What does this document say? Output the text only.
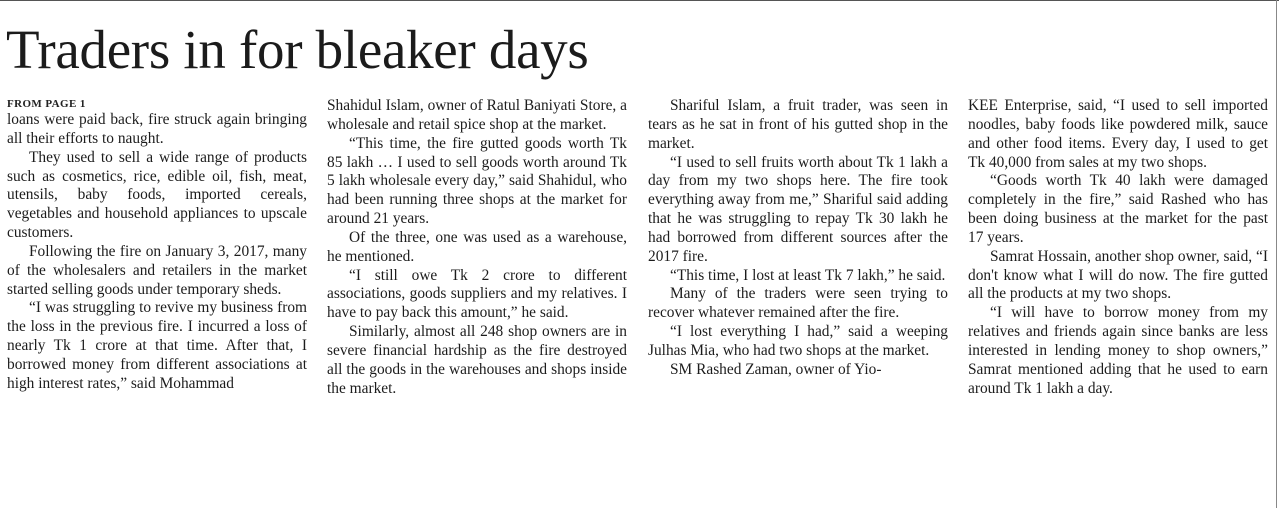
Traders in for bleaker days
FROM PAGE 1

loans were paid back, fire struck again bringing all their efforts to naught.

They used to sell a wide range of products such as cosmetics, rice, edible oil, fish, meat, utensils, baby foods, imported cereals, vegetables and household appliances to upscale customers.

Following the fire on January 3, 2017, many of the wholesalers and retailers in the market started selling goods under temporary sheds.

“I was struggling to revive my business from the loss in the previous fire. I incurred a loss of nearly Tk 1 crore at that time. After that, I borrowed money from different associations at high interest rates,” said Mohammad

Shahidul Islam, owner of Ratul Baniyati Store, a wholesale and retail spice shop at the market.

“This time, the fire gutted goods worth Tk 85 lakh … I used to sell goods worth around Tk 5 lakh wholesale every day,” said Shahidul, who had been running three shops at the market for around 21 years.

Of the three, one was used as a warehouse, he mentioned.

“I still owe Tk 2 crore to different associations, goods suppliers and my relatives. I have to pay back this amount,” he said.

Similarly, almost all 248 shop owners are in severe financial hardship as the fire destroyed all the goods in the warehouses and shops inside the market.

Shariful Islam, a fruit trader, was seen in tears as he sat in front of his gutted shop in the market.

“I used to sell fruits worth about Tk 1 lakh a day from my two shops here. The fire took everything away from me,” Shariful said adding that he was struggling to repay Tk 30 lakh he had borrowed from different sources after the 2017 fire.

“This time, I lost at least Tk 7 lakh,” he said.

Many of the traders were seen trying to recover whatever remained after the fire.

“I lost everything I had,” said a weeping Julhas Mia, who had two shops at the market.

SM Rashed Zaman, owner of Yio-

KEE Enterprise, said, “I used to sell imported noodles, baby foods like powdered milk, sauce and other food items. Every day, I used to get Tk 40,000 from sales at my two shops.

“Goods worth Tk 40 lakh were damaged completely in the fire,” said Rashed who has been doing business at the market for the past 17 years.

Samrat Hossain, another shop owner, said, “I don't know what I will do now. The fire gutted all the products at my two shops.

“I will have to borrow money from my relatives and friends again since banks are less interested in lending money to shop owners,” Samrat mentioned adding that he used to earn around Tk 1 lakh a day.
